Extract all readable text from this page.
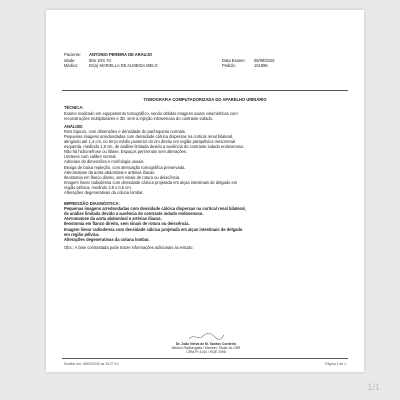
Paciente: ANTONIO PEREIRA DE ARAUJO
Idade:	80a 10m 7d	Data Exame: 05/09/2025
Médico:	Dr(a) MARIELLA DE ALMEIDA MELO	Pedido:	101896
TOMOGRAFIA COMPUTADORIZADA DO APARELHO URINÁRIO
TÉCNICA:
Exame realizado em equipamento tomográfico, sendo obtidas imagens axiais volumétricas com
reconstruções multiplanares e 3D, sem a injeção intravenosa do contraste iodado.
ANÁLISE:
Rins tópicos, com dimensões e densidade do parênquima normais.
Pequenas imagens arredondadas com densidade cálcica dispersas na cortical renal bilateral,
atingindo até 1,4 cm, no terço médio posterior do rim direito em região parapélvica mesorrenal
esquerda, medindo 1,9 cm, de análise limitada devido a ausência do contraste iodado endovenoso.
Não há hidronefrose ou litíase. Espaços perirrenais sem alterações.
Ureteres com calibre normal.
Adrenais de dimensões e morfologia usuais.
Bexiga de baixa repleção, com atenuação tomográfica preservada.
Ateromatose da aorta abdominal e artérias ilíacas.
Ileostomia em flanco direito, sem sinais de rotura ou deiscência.
Imagem linear radiodensa com densidade cálcica projetada em alças intestinais de delgado em
região pélvica, medindo 3,9 x 0,6 cm.
Alterações degenerativas da coluna lombar.
IMPRESSÃO DIAGNÓSTICA:
Pequenas imagens arredondadas com densidade cálcica dispersas na cortical renal bilateral,
de análise limitada devido a ausência do contraste iodado endovenoso.
Ateromatose da aorta abdominal e artérias ilíacas.
Ileostomia em flanco direito, sem sinais de rotura ou deiscência.
Imagem linear radiodensa com densidade cálcica projetada em alças intestinais de delgado
em região pélvica.
Alterações degenerativas da coluna lombar.
Obs.: A fase contrastada pode trazer informações adicionais ao estudo.
Dr. João Neiva de M. Santos Cordeiro
Médico Radiologista / Membro Titular do CBR
CRM-PI 4144 / RQE 2098
Emitido em: 08/09/2025 às 15:27:10	Página 1 de 1
1/1
